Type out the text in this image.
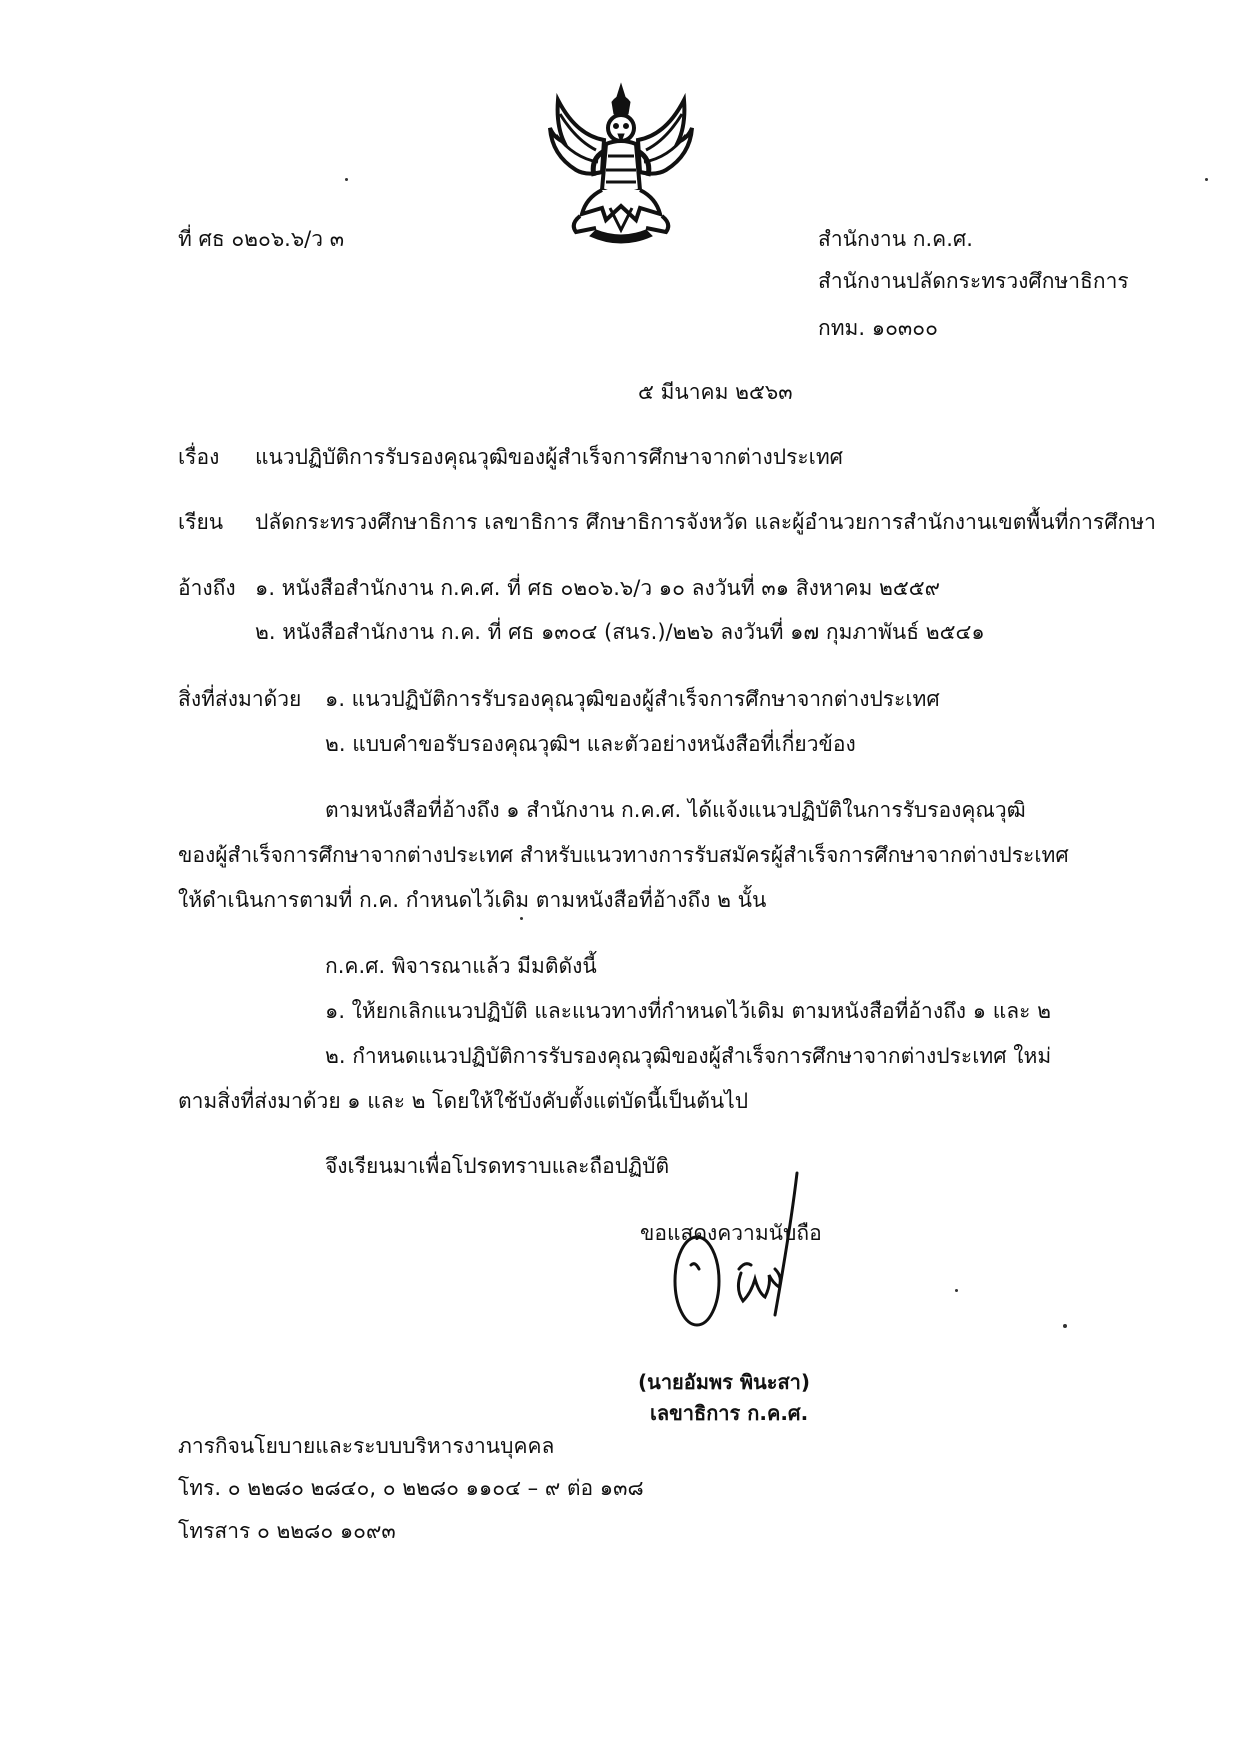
ที่ ศธ ๐๒๐๖.๖/ว ๓	สำนักงาน ก.ค.ศ.
สำนักงานปลัดกระทรวงศึกษาธิการ
กทม. ๑๐๓๐๐
๕ มีนาคม ๒๕๖๓
เรื่อง แนวปฏิบัติการรับรองคุณวุฒิของผู้สำเร็จการศึกษาจากต่างประเทศ
เรียน ปลัดกระทรวงศึกษาธิการ เลขาธิการ ศึกษาธิการจังหวัด และผู้อำนวยการสำนักงานเขตพื้นที่การศึกษา
อ้างถึง ๑. หนังสือสำนักงาน ก.ค.ศ. ที่ ศธ ๐๒๐๖.๖/ว ๑๐ ลงวันที่ ๓๑ สิงหาคม ๒๕๕๙
๒. หนังสือสำนักงาน ก.ค. ที่ ศธ ๑๓๐๔ (สนร.)/๒๒๖ ลงวันที่ ๑๗ กุมภาพันธ์ ๒๕๔๑
สิ่งที่ส่งมาด้วย ๑. แนวปฏิบัติการรับรองคุณวุฒิของผู้สำเร็จการศึกษาจากต่างประเทศ
๒. แบบคำขอรับรองคุณวุฒิฯ และตัวอย่างหนังสือที่เกี่ยวข้อง
ตามหนังสือที่อ้างถึง ๑ สำนักงาน ก.ค.ศ. ได้แจ้งแนวปฏิบัติในการรับรองคุณวุฒิ
ของผู้สำเร็จการศึกษาจากต่างประเทศ สำหรับแนวทางการรับสมัครผู้สำเร็จการศึกษาจากต่างประเทศ
ให้ดำเนินการตามที่ ก.ค. กำหนดไว้เดิม ตามหนังสือที่อ้างถึง ๒ นั้น
ก.ค.ศ. พิจารณาแล้ว มีมติดังนี้
๑. ให้ยกเลิกแนวปฏิบัติ และแนวทางที่กำหนดไว้เดิม ตามหนังสือที่อ้างถึง ๑ และ ๒
๒. กำหนดแนวปฏิบัติการรับรองคุณวุฒิของผู้สำเร็จการศึกษาจากต่างประเทศ ใหม่
ตามสิ่งที่ส่งมาด้วย ๑ และ ๒ โดยให้ใช้บังคับตั้งแต่บัดนี้เป็นต้นไป
จึงเรียนมาเพื่อโปรดทราบและถือปฏิบัติ
ขอแสดงความนับถือ
(นายอัมพร พินะสา)
เลขาธิการ ก.ค.ศ.
ภารกิจนโยบายและระบบบริหารงานบุคคล
โทร. ๐ ๒๒๘๐ ๒๘๔๐, ๐ ๒๒๘๐ ๑๑๐๔ – ๙ ต่อ ๑๓๘
โทรสาร ๐ ๒๒๘๐ ๑๐๙๓
